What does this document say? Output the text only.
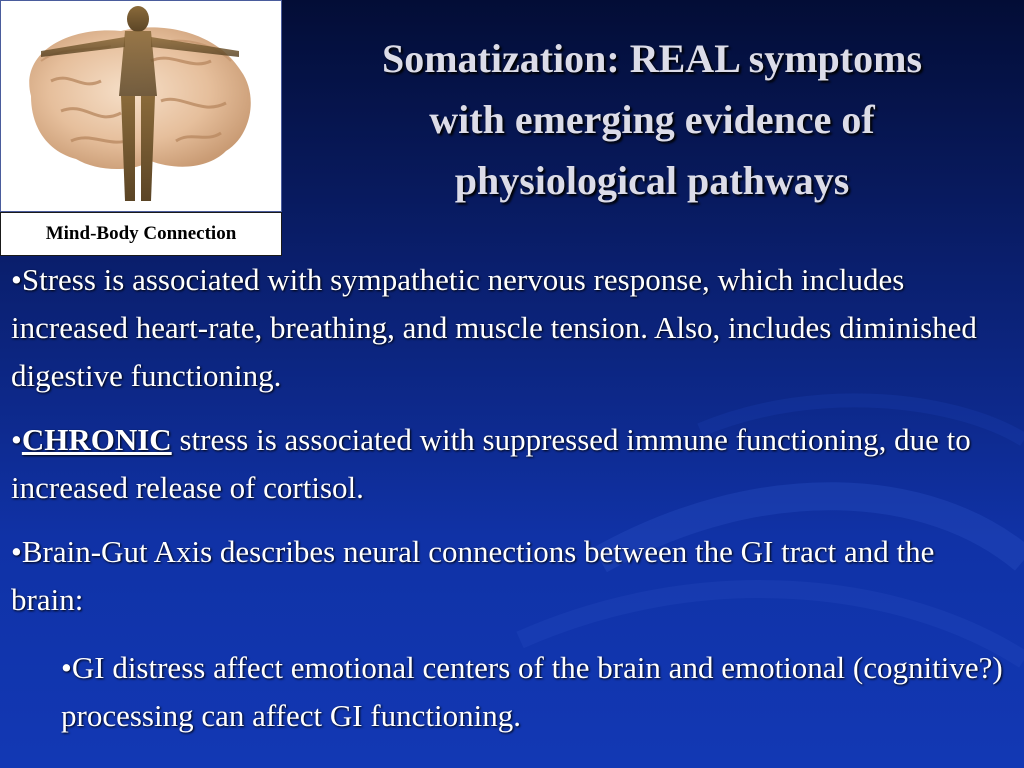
Mind-Body Connection
Somatization: REAL symptoms
with emerging evidence of
physiological pathways

•Stress is associated with sympathetic nervous response, which includes increased heart-rate, breathing, and muscle tension. Also, includes diminished digestive functioning.

•CHRONIC stress is associated with suppressed immune functioning, due to increased release of cortisol.

•Brain-Gut Axis describes neural connections between the GI tract and the brain:

•GI distress affect emotional centers of the brain and emotional (cognitive?) processing can affect GI functioning.
